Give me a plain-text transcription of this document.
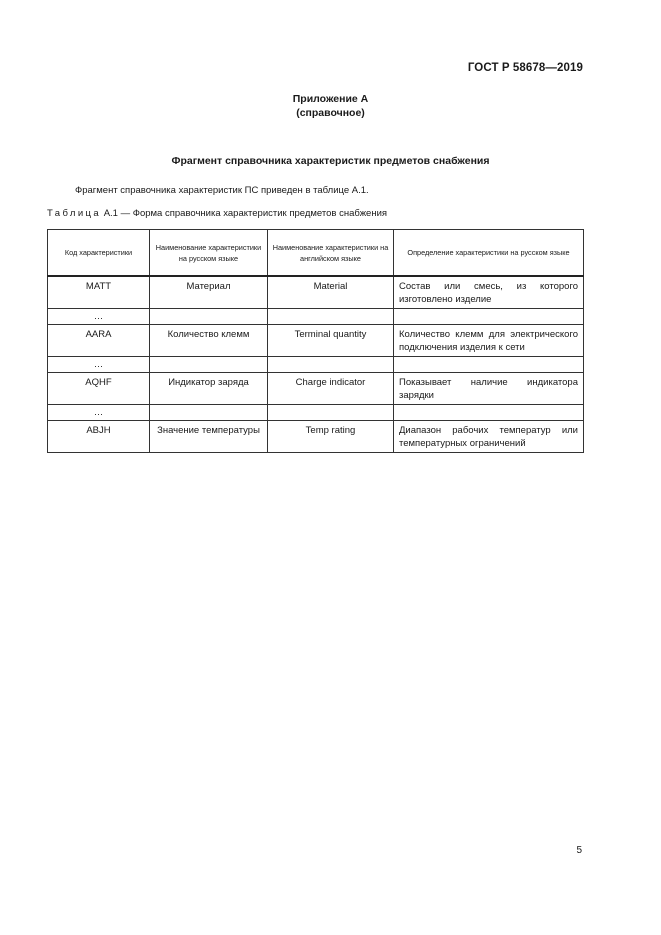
ГОСТ Р 58678—2019
Приложение А
(справочное)
Фрагмент справочника характеристик предметов снабжения
Фрагмент справочника характеристик ПС приведен в таблице А.1.
Таблица А.1 — Форма справочника характеристик предметов снабжения
Код характеристики	Наименование характеристики на русском языке	Наименование характеристики на английском языке	Определение характеристики на русском языке
MATT	Материал	Material	Состав или смесь, из которого изготовлено изделие
…			
AARA	Количество клемм	Terminal quantity	Количество клемм для электрического подключения изделия к сети
…			
AQHF	Индикатор заряда	Charge indicator	Показывает наличие индикатора зарядки
…			
ABJH	Значение температуры	Temp rating	Диапазон рабочих температур или температурных ограничений
5
